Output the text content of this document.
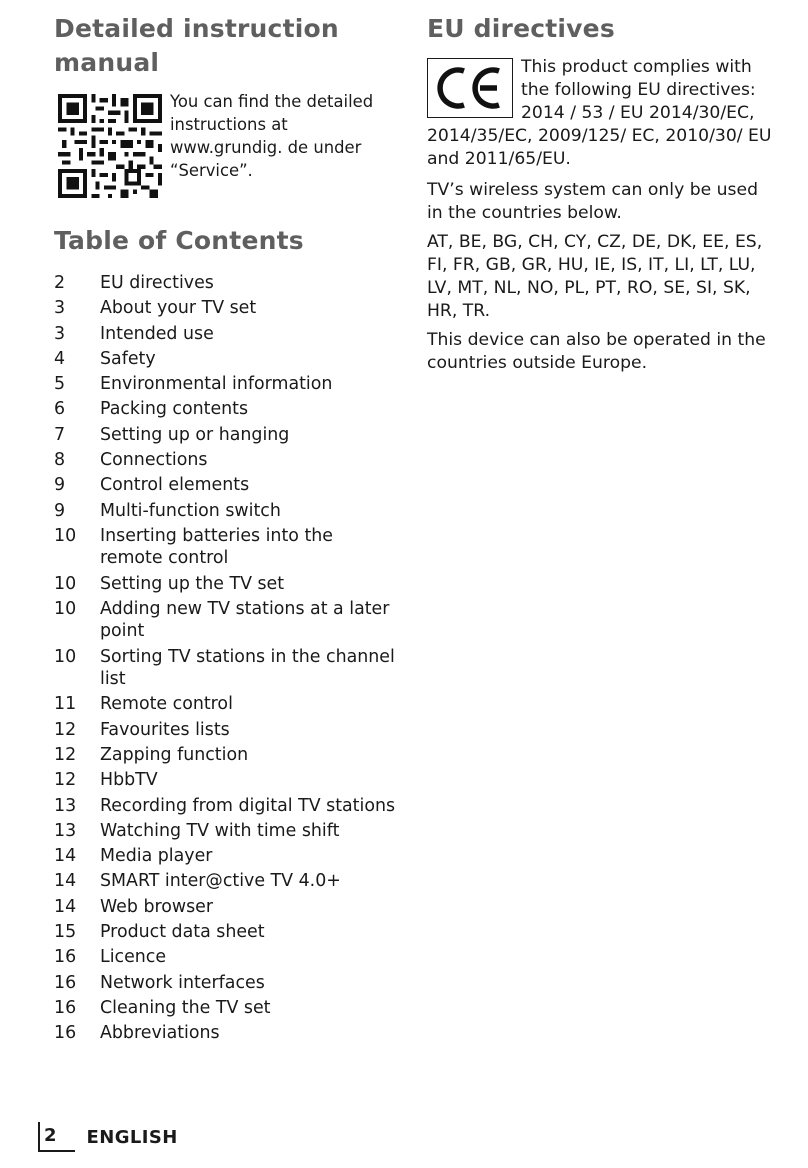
Detailed instruction manual
You can find the detailed instructions at www.grundig. de under “Service”.
Table of Contents
2	EU directives
3	About your TV set
3	Intended use
4	Safety
5	Environmental information
6	Packing contents
7	Setting up or hanging
8	Connections
9	Control elements
9	Multi-function switch
10	Inserting batteries into the remote control
10	Setting up the TV set
10	Adding new TV stations at a later point
10	Sorting TV stations in the channel list
11	Remote control
12	Favourites lists
12	Zapping function
12	HbbTV
13	Recording from digital TV stations
13	Watching TV with time shift
14	Media player
14	SMART inter@ctive TV 4.0+
14	Web browser
15	Product data sheet
16	Licence
16	Network interfaces
16	Cleaning the TV set
16	Abbreviations
EU directives
This product complies with the following EU directives: 2014 / 53 / EU 2014/30/EC, 2014/35/EC, 2009/125/ EC, 2010/30/ EU and 2011/65/EU.

TV’s wireless system can only be used in the countries below.

AT, BE, BG, CH, CY, CZ, DE, DK, EE, ES, FI, FR, GB, GR, HU, IE, IS, IT, LI, LT, LU, LV, MT, NL, NO, PL, PT, RO, SE, SI, SK, HR, TR.

This device can also be operated in the countries outside Europe.

2	ENGLISH
